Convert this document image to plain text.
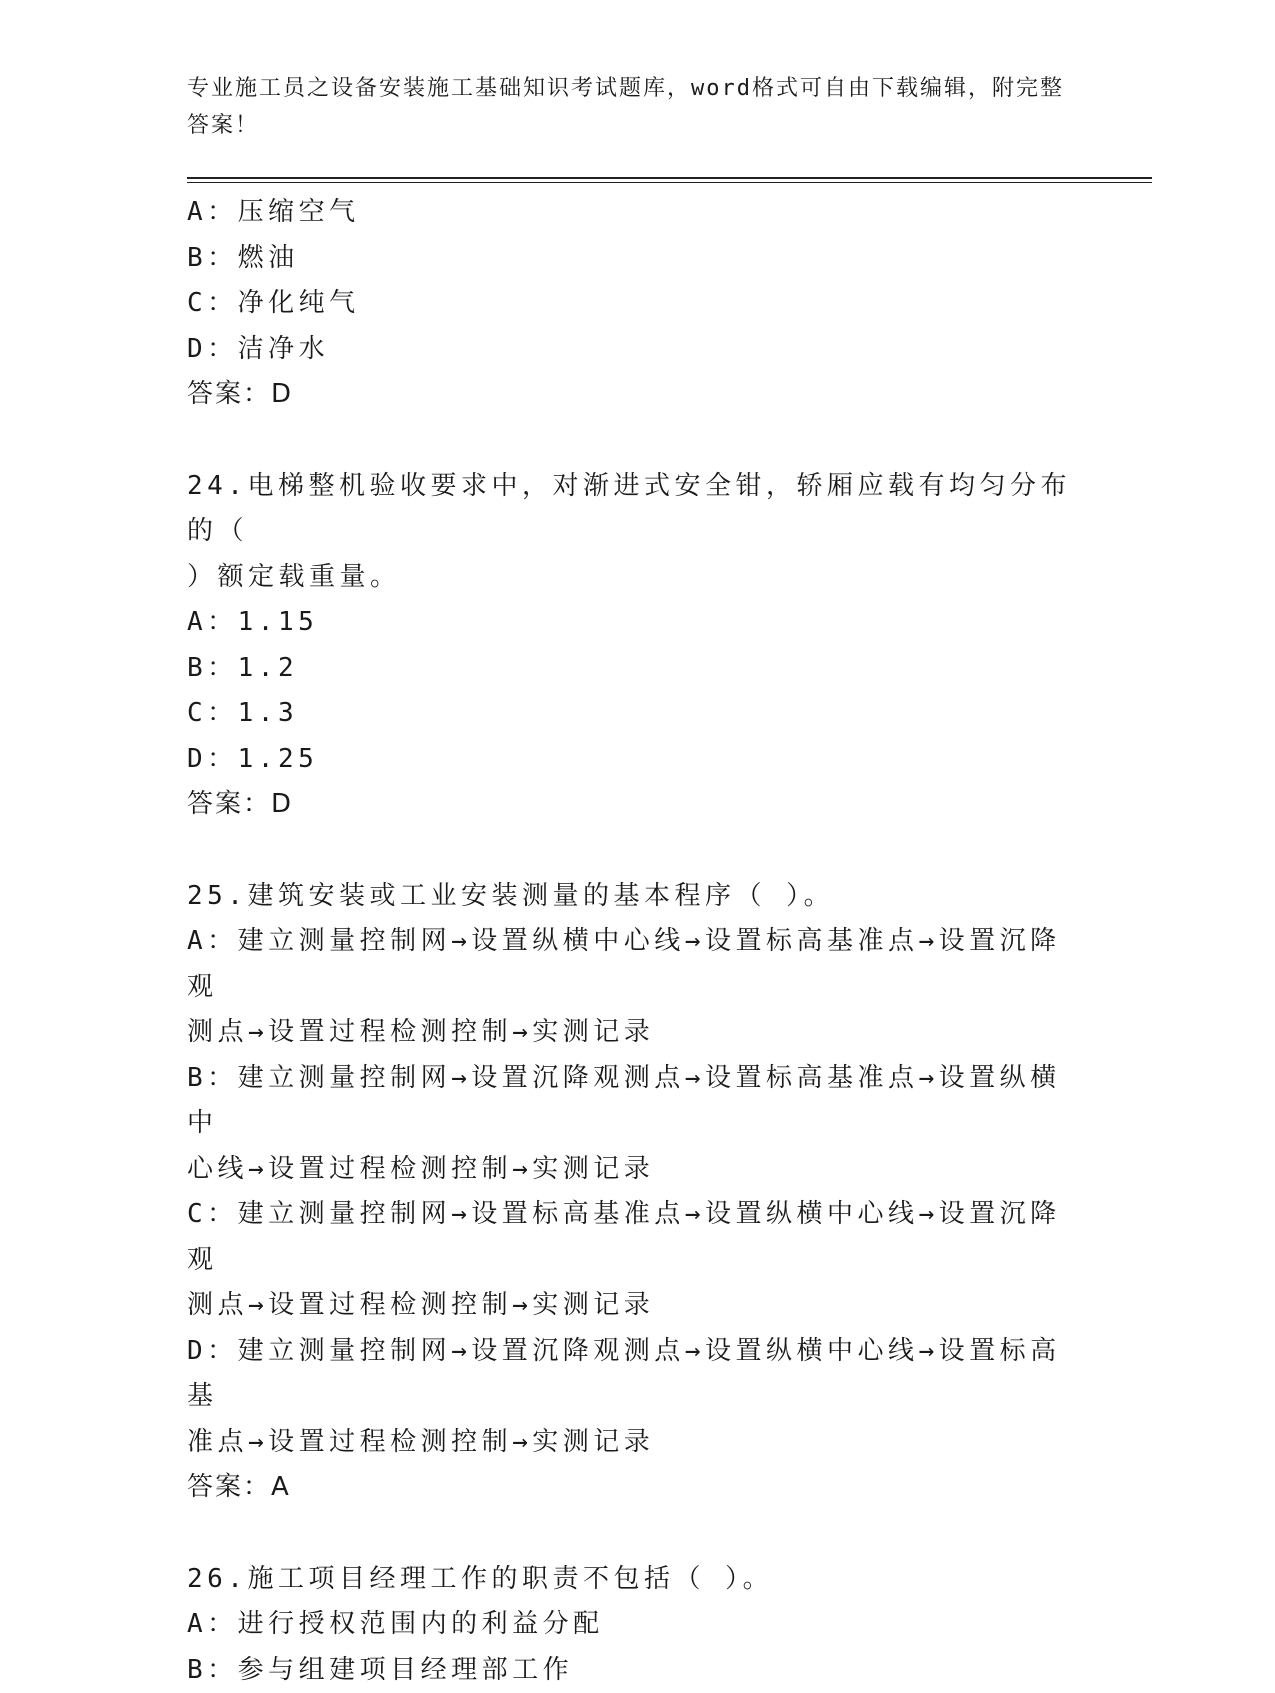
专业施工员之设备安装施工基础知识考试题库，word格式可自由下载编辑，附完整答案！
A：压缩空气
B：燃油
C：净化纯气
D：洁净水
答案：D
24.电梯整机验收要求中，对渐进式安全钳，轿厢应载有均匀分布的（
）额定载重量。
A：1.15
B：1.2
C：1.3
D：1.25
答案：D
25.建筑安装或工业安装测量的基本程序（ ）。
A：建立测量控制网→设置纵横中心线→设置标高基准点→设置沉降观
测点→设置过程检测控制→实测记录
B：建立测量控制网→设置沉降观测点→设置标高基准点→设置纵横中
心线→设置过程检测控制→实测记录
C：建立测量控制网→设置标高基准点→设置纵横中心线→设置沉降观
测点→设置过程检测控制→实测记录
D：建立测量控制网→设置沉降观测点→设置纵横中心线→设置标高基
准点→设置过程检测控制→实测记录
答案：A
26.施工项目经理工作的职责不包括（ ）。
A：进行授权范围内的利益分配
B：参与组建项目经理部工作
